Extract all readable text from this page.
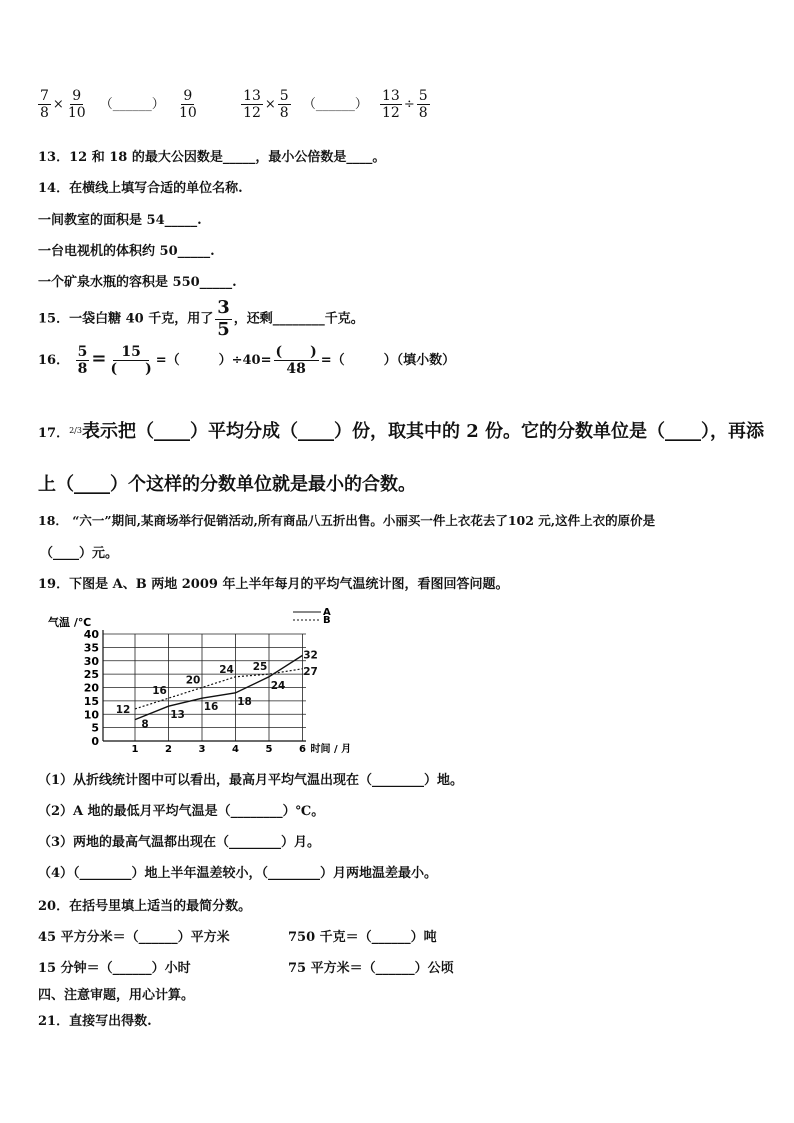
$\frac{7}{8} \times \frac{9}{10}$ （______） $\frac{9}{10}$
	$\frac{13}{12} \times \frac{5}{8}$ （______） $\frac{13}{12} \div \frac{5}{8}$
13．12 和 18 的最大公因数是_____，最小公倍数是____。
14．在横线上填写合适的单位名称.
一间教室的面积是 54_____.
一台电视机的体积约 50_____.
一个矿泉水瓶的容积是 550_____.
15．一袋白糖 40 千克，用了 $\frac{3}{5}$ ，还剩________千克。
16． $\frac{5}{8} = \frac{15}{( )}$ =（　　　）$\div 40= \frac{( )}{48}$ =（　　　）（填小数）
17．$^{2/3}$表示把（____）平均分成（____）份，取其中的 2 份。它的分数单位是（____），再添
上（____）个这样的分数单位就是最小的合数。
18． “六一”期间,某商场举行促销活动,所有商品八五折出售。小丽买一件上衣花去了102 元,这件上衣的原价是
（____）元。
19．下图是 A、B 两地 2009 年上半年每月的平均气温统计图，看图回答问题。
0
5
10
15
20
25
30
35
40
1	2	3	4	5	6
8
13
16 18
24
32
12
16
20
24 25	27
A
B
气温 /℃
时间 / 月
（1）从折线统计图中可以看出，最高月平均气温出现在（________）地。
（2）A 地的最低月平均气温是（________）℃。
（3）两地的最高气温都出现在（________）月。
（4）（________）地上半年温差较小，（________）月两地温差最小。
20．在括号里填上适当的最简分数。
45 平方分米＝（______）平方米	750 千克＝（______）吨
15 分钟＝（______）小时	75 平方米＝（______）公顷
四、注意审题，用心计算。
21．直接写出得数.
